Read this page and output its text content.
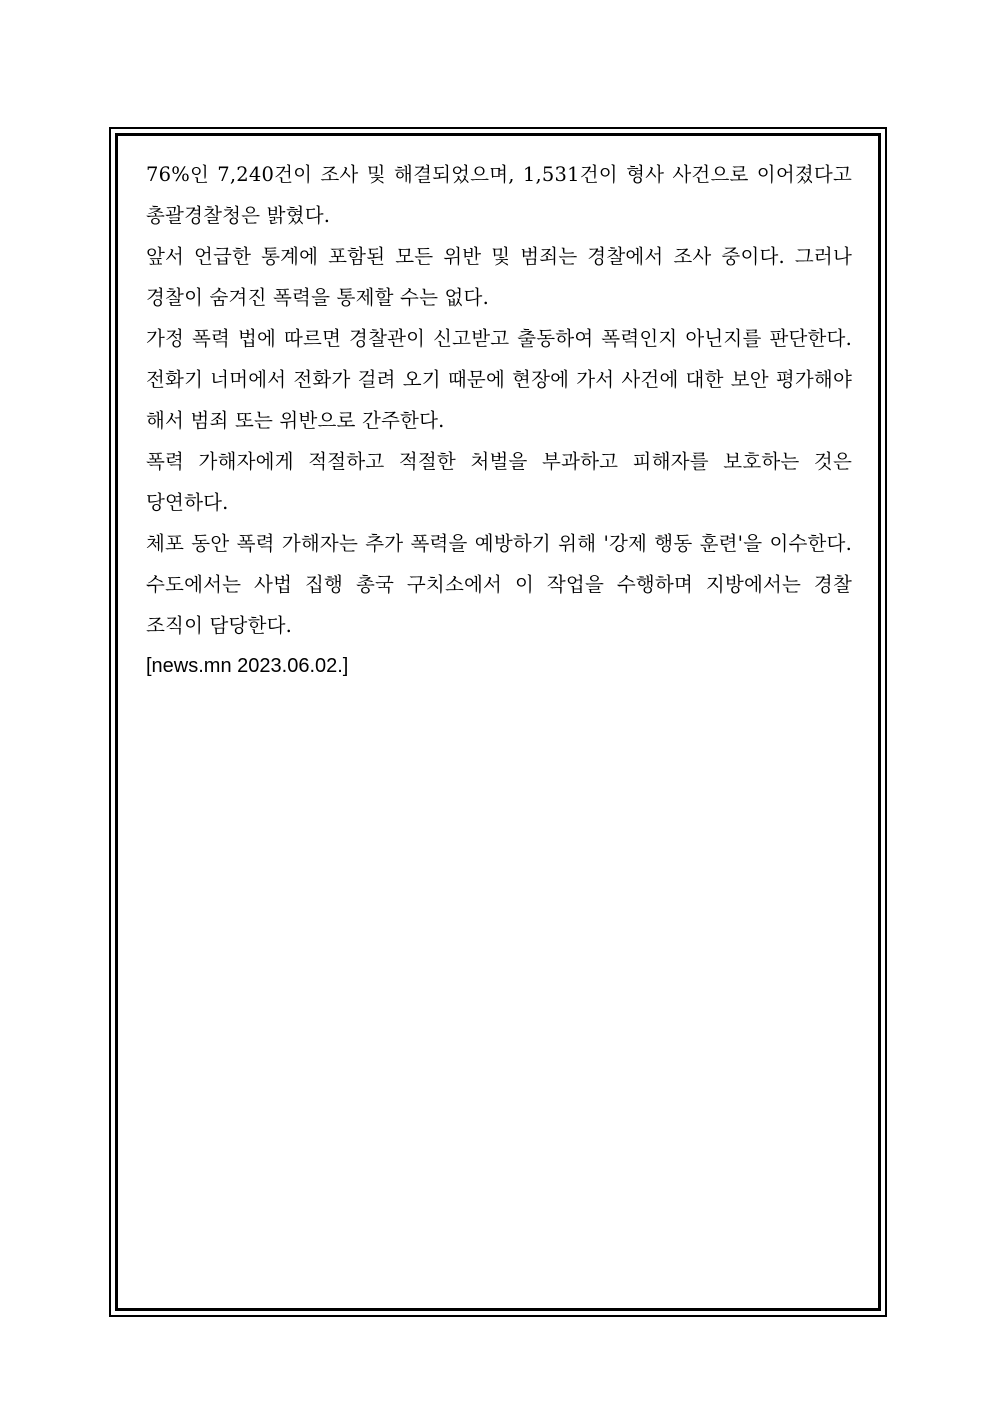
76%인 7,240건이 조사 및 해결되었으며, 1,531건이 형사 사건으로 이어졌다고 총괄경찰청은 밝혔다.

앞서 언급한 통계에 포함된 모든 위반 및 범죄는 경찰에서 조사 중이다. 그러나 경찰이 숨겨진 폭력을 통제할 수는 없다.

가정 폭력 법에 따르면 경찰관이 신고받고 출동하여 폭력인지 아닌지를 판단한다. 전화기 너머에서 전화가 걸려 오기 때문에 현장에 가서 사건에 대한 보안 평가해야 해서 범죄 또는 위반으로 간주한다.

폭력 가해자에게 적절하고 적절한 처벌을 부과하고 피해자를 보호하는 것은 당연하다.

체포 동안 폭력 가해자는 추가 폭력을 예방하기 위해 '강제 행동 훈련'을 이수한다. 수도에서는 사법 집행 총국 구치소에서 이 작업을 수행하며 지방에서는 경찰 조직이 담당한다.

[news.mn 2023.06.02.]
